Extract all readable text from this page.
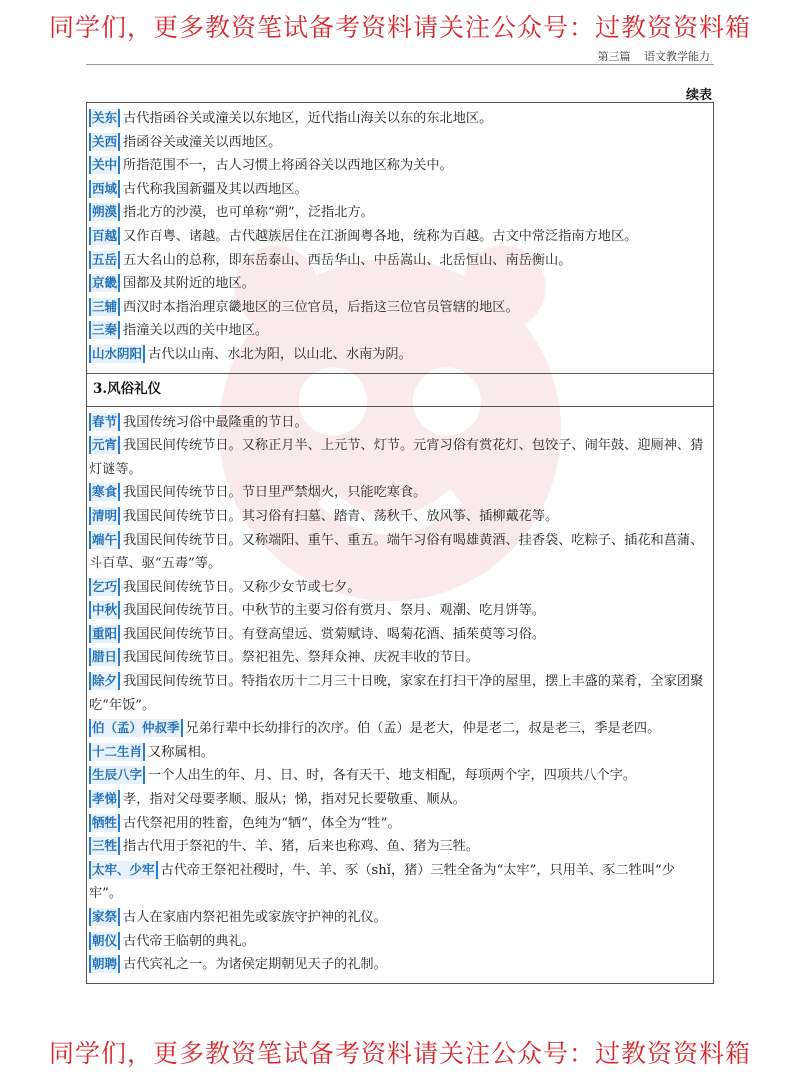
同学们，更多教资笔试备考资料请关注公众号：过教资资料箱
第三篇 语文教学能力
续表

关东 古代指函谷关或潼关以东地区，近代指山海关以东的东北地区。

关西 指函谷关或潼关以西地区。

关中 所指范围不一，古人习惯上将函谷关以西地区称为关中。

西域 古代称我国新疆及其以西地区。

朔漠 指北方的沙漠，也可单称“朔”，泛指北方。

百越 又作百粤、诸越。古代越族居住在江浙闽粤各地，统称为百越。古文中常泛指南方地区。

五岳 五大名山的总称，即东岳泰山、西岳华山、中岳嵩山、北岳恒山、南岳衡山。

京畿 国都及其附近的地区。

三辅 西汉时本指治理京畿地区的三位官员，后指这三位官员管辖的地区。

三秦 指潼关以西的关中地区。

山水阴阳 古代以山南、水北为阳，以山北、水南为阴。

3.风俗礼仪

春节 我国传统习俗中最隆重的节日。

元宵 我国民间传统节日。又称正月半、上元节、灯节。元宵习俗有赏花灯、包饺子、闹年鼓、迎厕神、猜灯谜等。

寒食 我国民间传统节日。节日里严禁烟火，只能吃寒食。

清明 我国民间传统节日。其习俗有扫墓、踏青、荡秋千、放风筝、插柳戴花等。

端午 我国民间传统节日。又称端阳、重午、重五。端午习俗有喝雄黄酒、挂香袋、吃粽子、插花和菖蒲、斗百草、驱“五毒”等。

乞巧 我国民间传统节日。又称少女节或七夕。

中秋 我国民间传统节日。中秋节的主要习俗有赏月、祭月、观潮、吃月饼等。

重阳 我国民间传统节日。有登高望远、赏菊赋诗、喝菊花酒、插茱萸等习俗。

腊日 我国民间传统节日。祭祀祖先、祭拜众神、庆祝丰收的节日。

除夕 我国民间传统节日。特指农历十二月三十日晚，家家在打扫干净的屋里，摆上丰盛的菜肴，全家团聚吃“年饭”。

伯（孟）仲叔季 兄弟行辈中长幼排行的次序。伯（孟）是老大，仲是老二，叔是老三，季是老四。

十二生肖 又称属相。

生辰八字 一个人出生的年、月、日、时，各有天干、地支相配，每项两个字，四项共八个字。

孝悌 孝，指对父母要孝顺、服从；悌，指对兄长要敬重、顺从。

牺牲 古代祭祀用的牲畜，色纯为“牺”，体全为“牲”。

三牲 指古代用于祭祀的牛、羊、猪，后来也称鸡、鱼、猪为三牲。

太牢、少牢 古代帝王祭祀社稷时，牛、羊、豕（shǐ，猪）三牲全备为“太牢”，只用羊、豕二牲叫“少牢”。

家祭 古人在家庙内祭祀祖先或家族守护神的礼仪。

朝仪 古代帝王临朝的典礼。

朝聘 古代宾礼之一。为诸侯定期朝见天子的礼制。

同学们，更多教资笔试备考资料请关注公众号：过教资资料箱
